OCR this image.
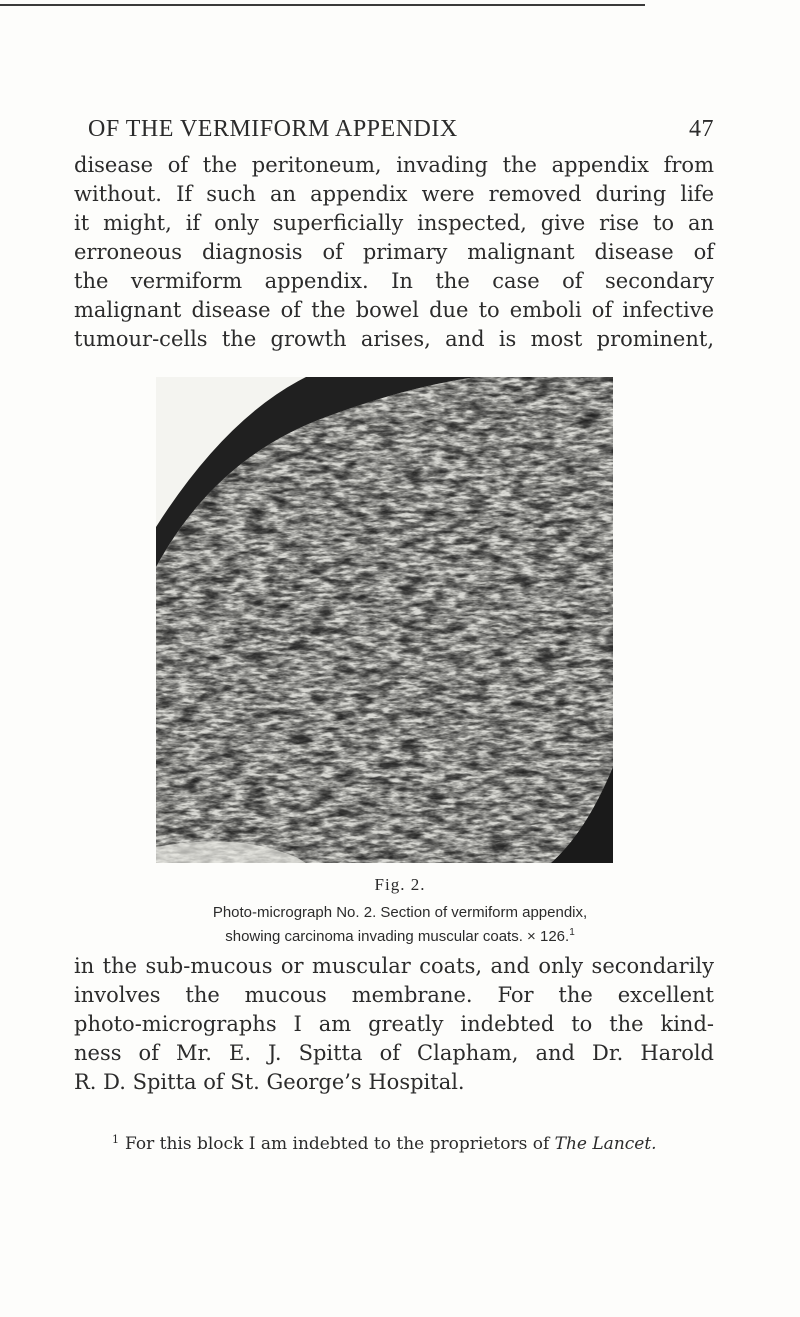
OF THE VERMIFORM APPENDIX	47
disease of the peritoneum, invading the appendix from
without. If such an appendix were removed during life
it might, if only superficially inspected, give rise to an
erroneous diagnosis of primary malignant disease of
the vermiform appendix. In the case of secondary
malignant disease of the bowel due to emboli of infective
tumour-cells the growth arises, and is most prominent,
Fig. 2.
Photo-micrograph No. 2. Section of vermiform appendix,
showing carcinoma invading muscular coats. × 126.$^1$
in the sub-mucous or muscular coats, and only secondarily
involves the mucous membrane. For the excellent
photo-micrographs I am greatly indebted to the kind-
ness of Mr. E. J. Spitta of Clapham, and Dr. Harold
R. D. Spitta of St. George’s Hospital.
$^1$ For this block I am indebted to the proprietors of The Lancet.
